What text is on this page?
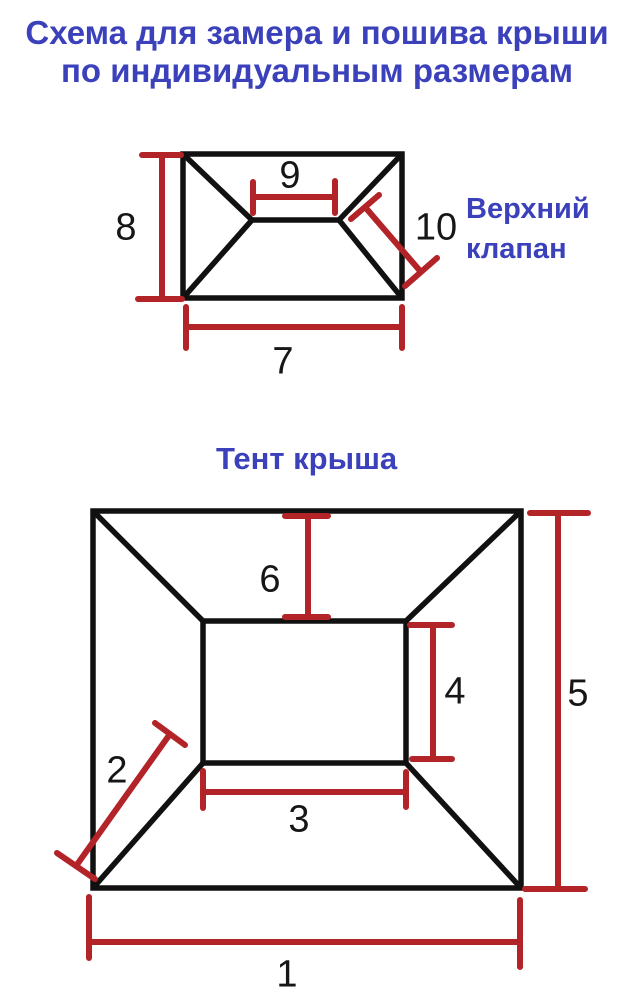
Схема для замера и пошива крыши
по индивидуальным размерам
8
9
10
7
6
4	5
3
2
1
Верхний
клапан
Тент крыша
